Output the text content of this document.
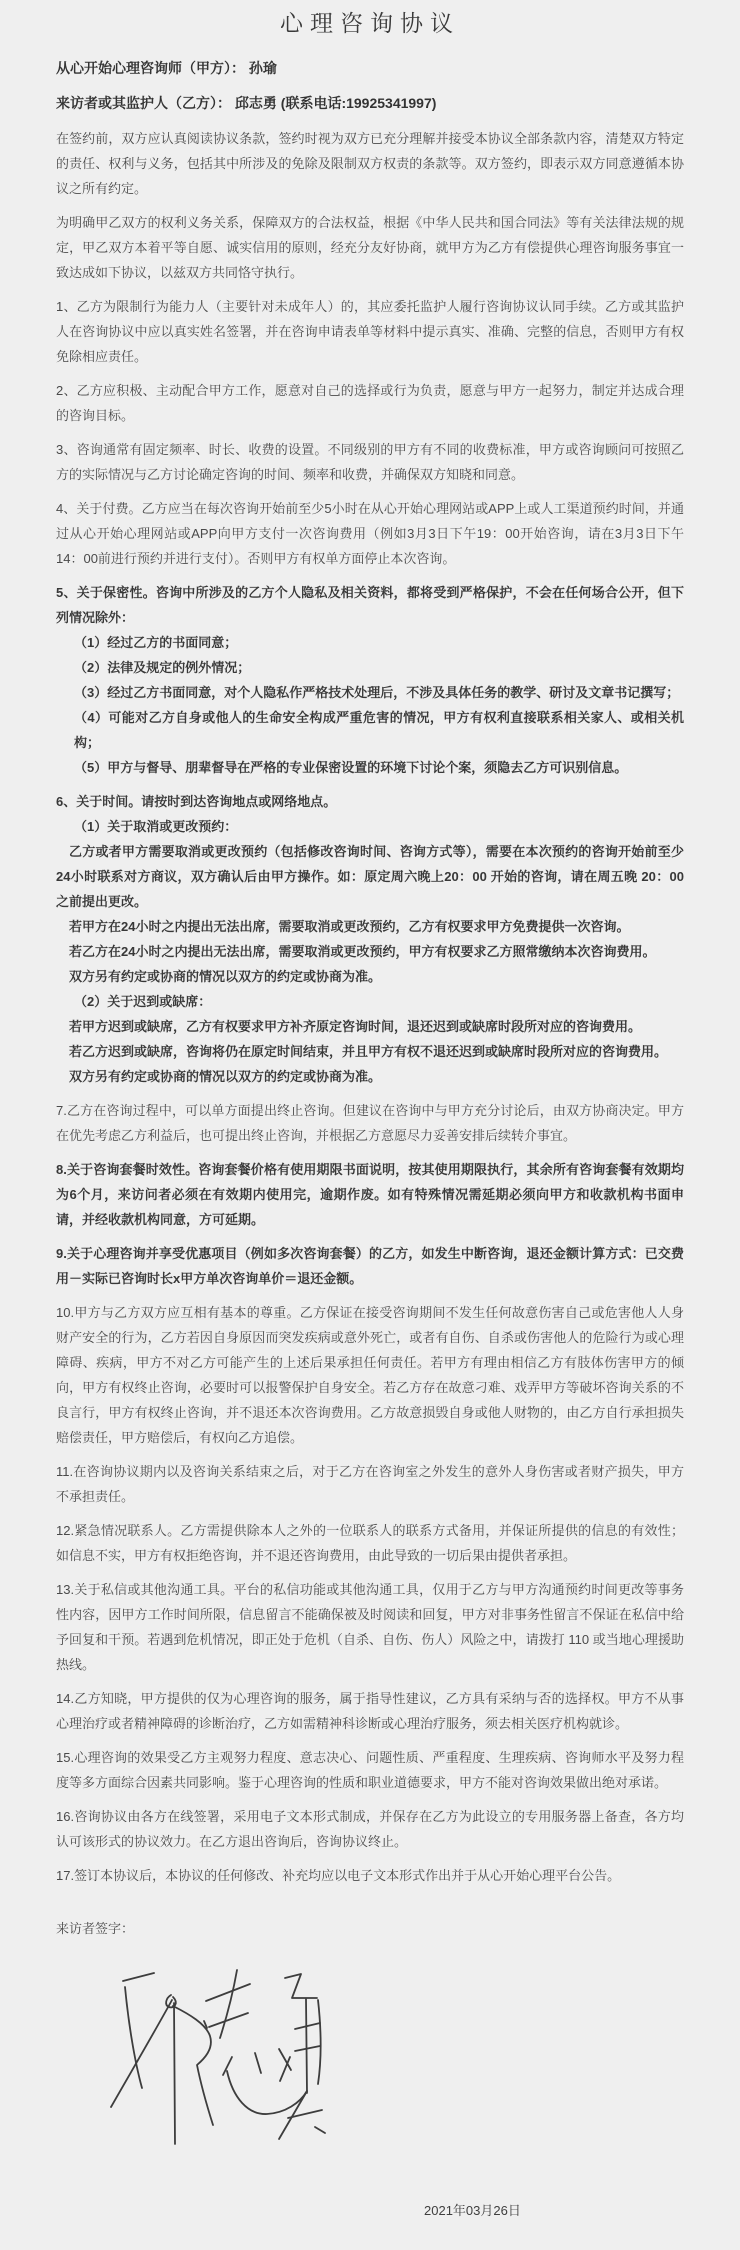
心理咨询协议

从心开始心理咨询师（甲方）： 孙瑜

来访者或其监护人（乙方）： 邱志勇 (联系电话:19925341997)

在签约前，双方应认真阅读协议条款，签约时视为双方已充分理解并接受本协议全部条款内容，清楚双方特定的责任、权利与义务，包括其中所涉及的免除及限制双方权责的条款等。双方签约，即表示双方同意遵循本协议之所有约定。

为明确甲乙双方的权利义务关系，保障双方的合法权益，根据《中华人民共和国合同法》等有关法律法规的规定，甲乙双方本着平等自愿、诚实信用的原则，经充分友好协商，就甲方为乙方有偿提供心理咨询服务事宜一致达成如下协议，以兹双方共同恪守执行。

1、乙方为限制行为能力人（主要针对未成年人）的，其应委托监护人履行咨询协议认同手续。乙方或其监护人在咨询协议中应以真实姓名签署，并在咨询申请表单等材料中提示真实、准确、完整的信息，否则甲方有权免除相应责任。

2、乙方应积极、主动配合甲方工作，愿意对自己的选择或行为负责，愿意与甲方一起努力，制定并达成合理的咨询目标。

3、咨询通常有固定频率、时长、收费的设置。不同级别的甲方有不同的收费标准，甲方或咨询顾问可按照乙方的实际情况与乙方讨论确定咨询的时间、频率和收费，并确保双方知晓和同意。

4、关于付费。乙方应当在每次咨询开始前至少5小时在从心开始心理网站或APP上或人工渠道预约时间，并通过从心开始心理网站或APP向甲方支付一次咨询费用（例如3月3日下午19：00开始咨询，请在3月3日下午14：00前进行预约并进行支付）。否则甲方有权单方面停止本次咨询。

5、关于保密性。咨询中所涉及的乙方个人隐私及相关资料，都将受到严格保护，不会在任何场合公开，但下列情况除外：

（1）经过乙方的书面同意；

（2）法律及规定的例外情况；

（3）经过乙方书面同意，对个人隐私作严格技术处理后，不涉及具体任务的教学、研讨及文章书记撰写；

（4）可能对乙方自身或他人的生命安全构成严重危害的情况，甲方有权利直接联系相关家人、或相关机构；

（5）甲方与督导、朋辈督导在严格的专业保密设置的环境下讨论个案，须隐去乙方可识别信息。

6、关于时间。请按时到达咨询地点或网络地点。

（1）关于取消或更改预约：

乙方或者甲方需要取消或更改预约（包括修改咨询时间、咨询方式等），需要在本次预约的咨询开始前至少24小时联系对方商议，双方确认后由甲方操作。如：原定周六晚上20：00 开始的咨询，请在周五晚 20：00 之前提出更改。

若甲方在24小时之内提出无法出席，需要取消或更改预约，乙方有权要求甲方免费提供一次咨询。

若乙方在24小时之内提出无法出席，需要取消或更改预约，甲方有权要求乙方照常缴纳本次咨询费用。

双方另有约定或协商的情况以双方的约定或协商为准。

（2）关于迟到或缺席：

若甲方迟到或缺席，乙方有权要求甲方补齐原定咨询时间，退还迟到或缺席时段所对应的咨询费用。

若乙方迟到或缺席，咨询将仍在原定时间结束，并且甲方有权不退还迟到或缺席时段所对应的咨询费用。

双方另有约定或协商的情况以双方的约定或协商为准。

7.乙方在咨询过程中，可以单方面提出终止咨询。但建议在咨询中与甲方充分讨论后，由双方协商决定。甲方在优先考虑乙方利益后，也可提出终止咨询，并根据乙方意愿尽力妥善安排后续转介事宜。

8.关于咨询套餐时效性。咨询套餐价格有使用期限书面说明，按其使用期限执行，其余所有咨询套餐有效期均为6个月，来访问者必须在有效期内使用完，逾期作废。如有特殊情况需延期必须向甲方和收款机构书面申请，并经收款机构同意，方可延期。

9.关于心理咨询并享受优惠项目（例如多次咨询套餐）的乙方，如发生中断咨询，退还金额计算方式：已交费用－实际已咨询时长x甲方单次咨询单价＝退还金额。

10.甲方与乙方双方应互相有基本的尊重。乙方保证在接受咨询期间不发生任何故意伤害自己或危害他人人身财产安全的行为，乙方若因自身原因而突发疾病或意外死亡，或者有自伤、自杀或伤害他人的危险行为或心理障碍、疾病，甲方不对乙方可能产生的上述后果承担任何责任。若甲方有理由相信乙方有肢体伤害甲方的倾向，甲方有权终止咨询，必要时可以报警保护自身安全。若乙方存在故意刁难、戏弄甲方等破坏咨询关系的不良言行，甲方有权终止咨询，并不退还本次咨询费用。乙方故意损毁自身或他人财物的，由乙方自行承担损失赔偿责任，甲方赔偿后，有权向乙方追偿。

11.在咨询协议期内以及咨询关系结束之后，对于乙方在咨询室之外发生的意外人身伤害或者财产损失，甲方不承担责任。

12.紧急情况联系人。乙方需提供除本人之外的一位联系人的联系方式备用，并保证所提供的信息的有效性；如信息不实，甲方有权拒绝咨询，并不退还咨询费用，由此导致的一切后果由提供者承担。

13.关于私信或其他沟通工具。平台的私信功能或其他沟通工具，仅用于乙方与甲方沟通预约时间更改等事务性内容，因甲方工作时间所限，信息留言不能确保被及时阅读和回复，甲方对非事务性留言不保证在私信中给予回复和干预。若遇到危机情况，即正处于危机（自杀、自伤、伤人）风险之中，请拨打 110 或当地心理援助热线。

14.乙方知晓，甲方提供的仅为心理咨询的服务，属于指导性建议，乙方具有采纳与否的选择权。甲方不从事心理治疗或者精神障碍的诊断治疗，乙方如需精神科诊断或心理治疗服务，须去相关医疗机构就诊。

15.心理咨询的效果受乙方主观努力程度、意志决心、问题性质、严重程度、生理疾病、咨询师水平及努力程度等多方面综合因素共同影响。鉴于心理咨询的性质和职业道德要求，甲方不能对咨询效果做出绝对承诺。

16.咨询协议由各方在线签署，采用电子文本形式制成，并保存在乙方为此设立的专用服务器上备查，各方均认可该形式的协议效力。在乙方退出咨询后，咨询协议终止。

17.签订本协议后，本协议的任何修改、补充均应以电子文本形式作出并于从心开始心理平台公告。

来访者签字：

2021年03月26日
